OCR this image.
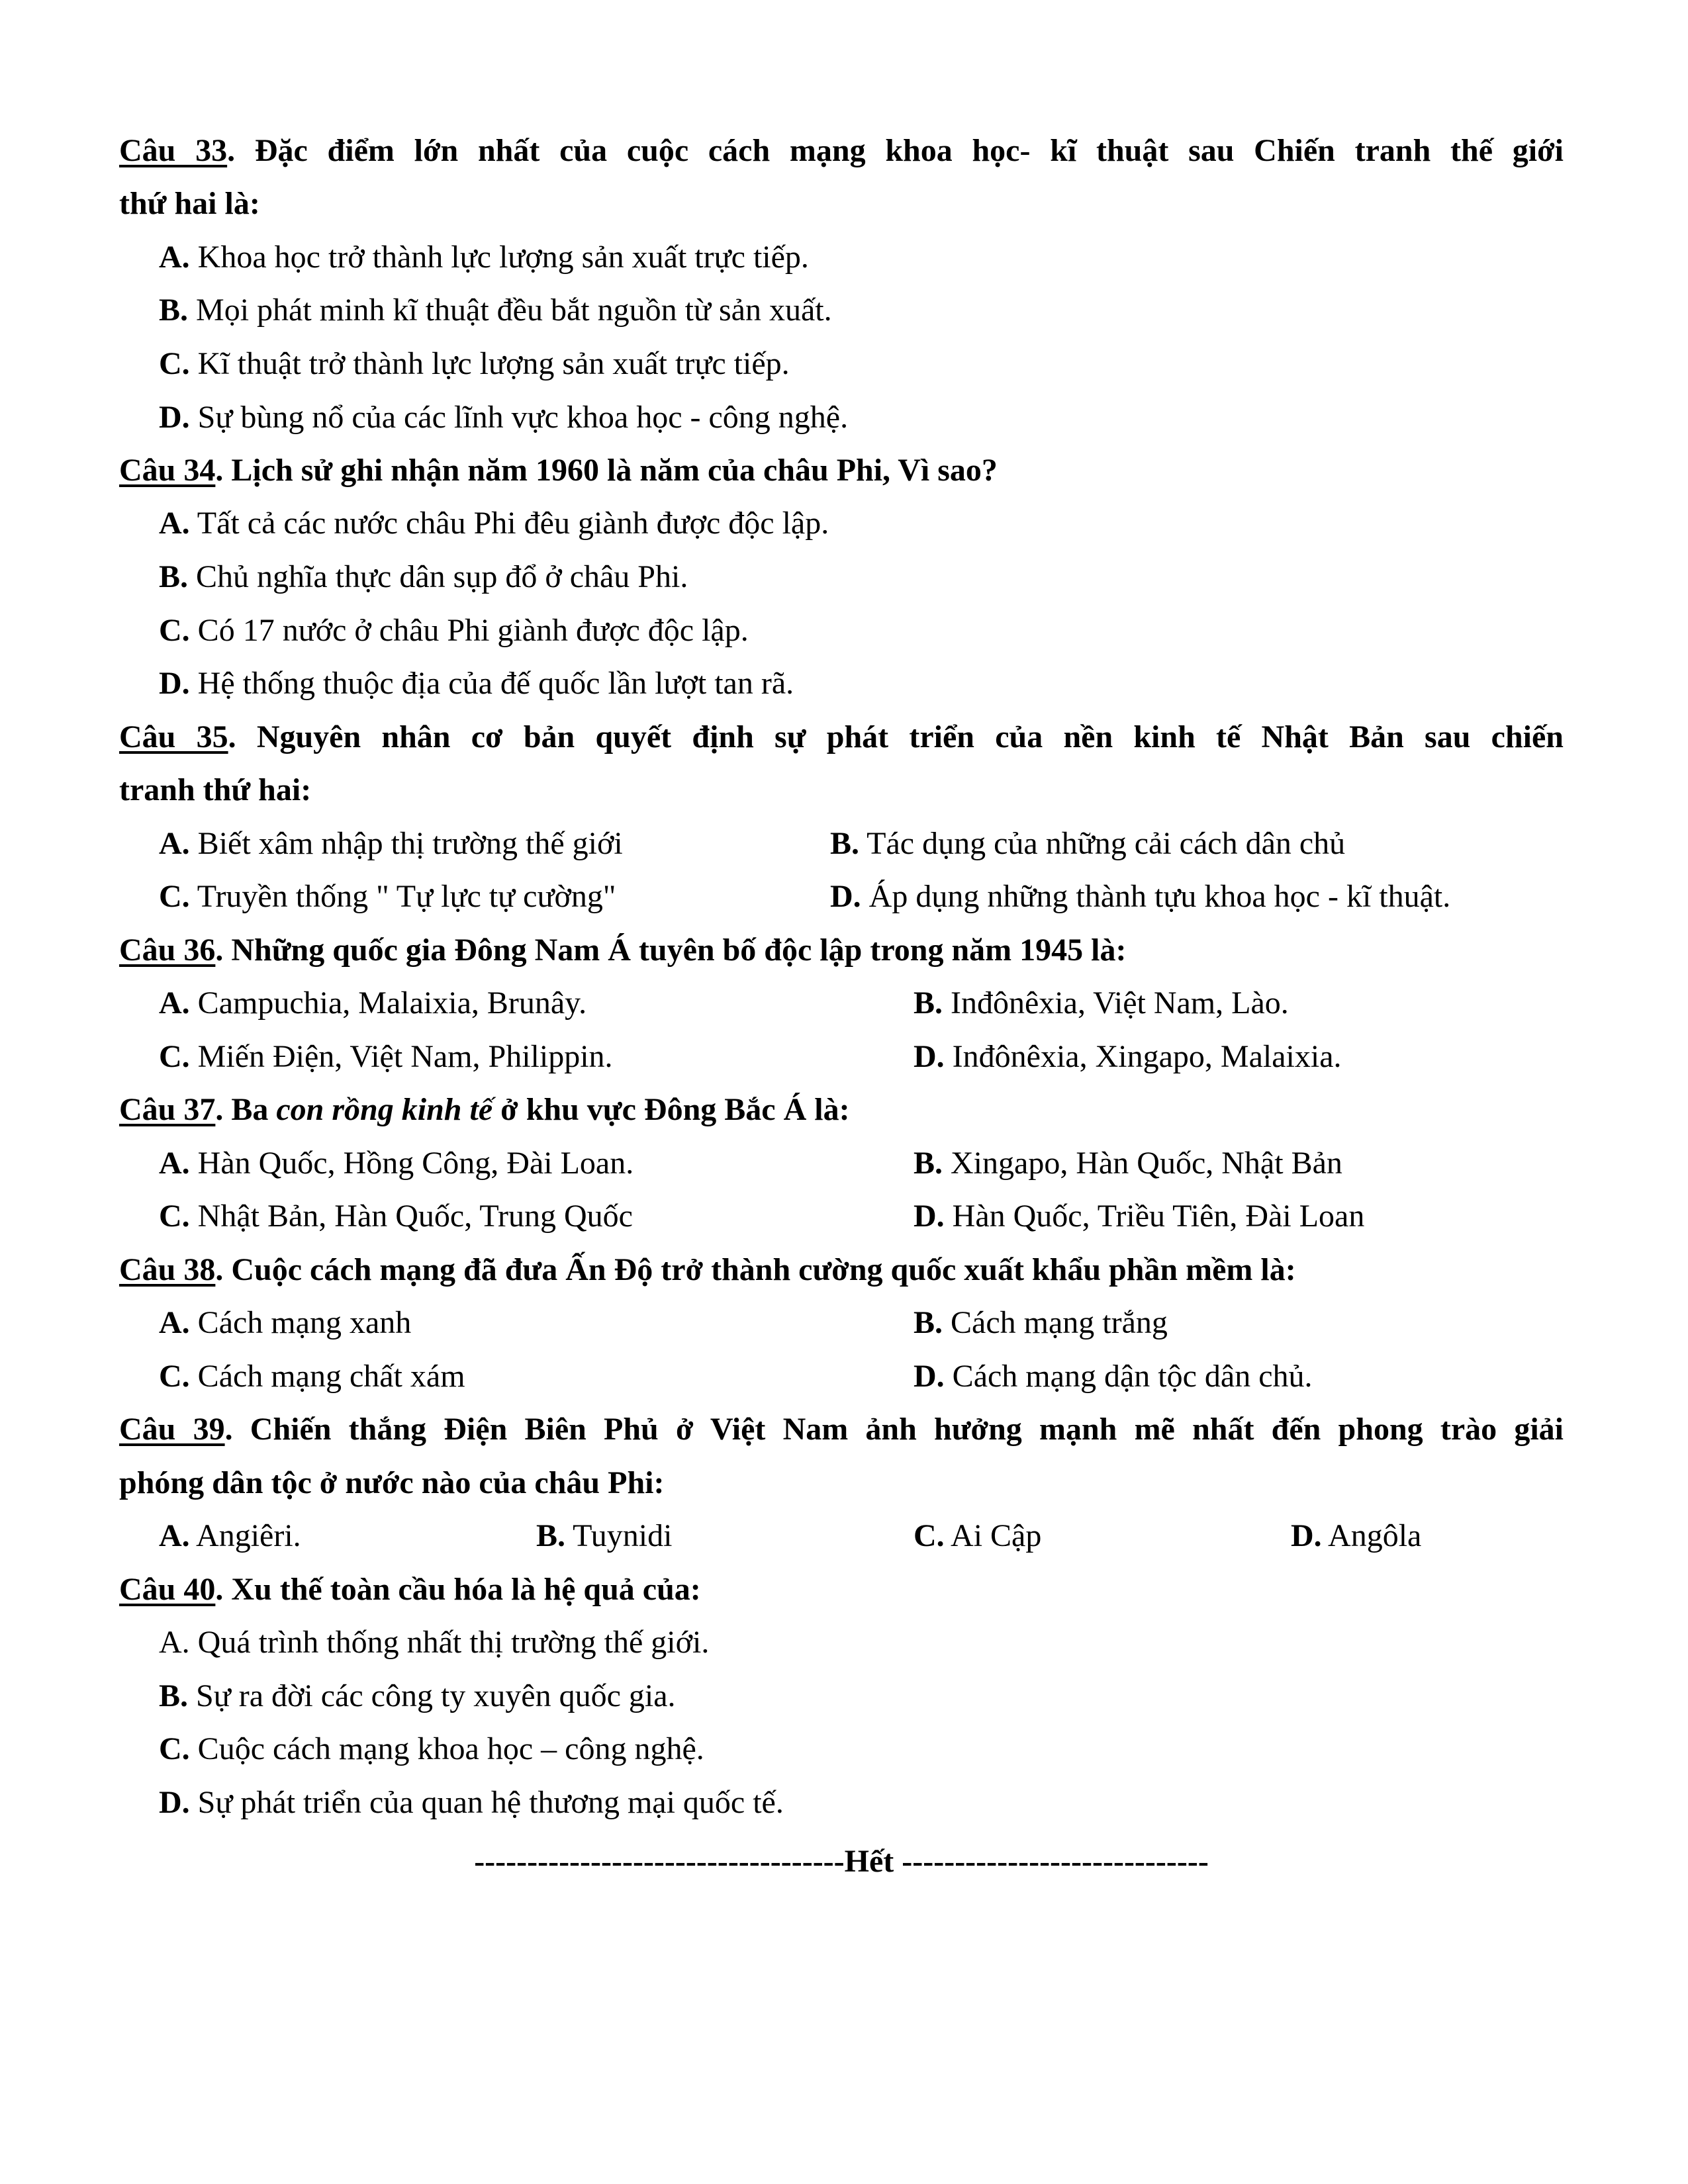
Câu 33. Đặc điểm lớn nhất của cuộc cách mạng khoa học- kĩ thuật sau Chiến tranh thế giới
thứ hai là:
A. Khoa học trở thành lực lượng sản xuất trực tiếp.
B. Mọi phát minh kĩ thuật đều bắt nguồn từ sản xuất.
C. Kĩ thuật trở thành lực lượng sản xuất trực tiếp.
D. Sự bùng nổ của các lĩnh vực khoa học - công nghệ.
Câu 34. Lịch sử ghi nhận năm 1960 là năm của châu Phi, Vì sao?
A. Tất cả các nước châu Phi đêu giành được độc lập.
B. Chủ nghĩa thực dân sụp đổ ở châu Phi.
C. Có 17 nước ở châu Phi giành được độc lập.
D. Hệ thống thuộc địa của đế quốc lần lượt tan rã.
Câu 35. Nguyên nhân cơ bản quyết định sự phát triển của nền kinh tế Nhật Bản sau chiến
tranh thứ hai:
A. Biết xâm nhập thị trường thế giới	B. Tác dụng của những cải cách dân chủ
C. Truyền thống " Tự lực tự cường"	D. Áp dụng những thành tựu khoa học - kĩ thuật.
Câu 36. Những quốc gia Đông Nam Á tuyên bố độc lập trong năm 1945 là:
A. Campuchia, Malaixia, Brunây.	B. Inđônêxia, Việt Nam, Lào.
C. Miến Điện, Việt Nam, Philippin.	D. Inđônêxia, Xingapo, Malaixia.
Câu 37. Ba con rồng kinh tế ở khu vực Đông Bắc Á là:
A. Hàn Quốc, Hồng Công, Đài Loan.	B. Xingapo, Hàn Quốc, Nhật Bản
C. Nhật Bản, Hàn Quốc, Trung Quốc	D. Hàn Quốc, Triều Tiên, Đài Loan
Câu 38. Cuộc cách mạng đã đưa Ấn Độ trở thành cường quốc xuất khẩu phần mềm là:
A. Cách mạng xanh	B. Cách mạng trắng
C. Cách mạng chất xám	D. Cách mạng dận tộc dân chủ.
Câu 39. Chiến thắng Điện Biên Phủ ở Việt Nam ảnh hưởng mạnh mẽ nhất đến phong trào giải
phóng dân tộc ở nước nào của châu Phi:
A. Angiêri.	B. Tuynidi	C. Ai Cập	D. Angôla
Câu 40. Xu thế toàn cầu hóa là hệ quả của:
A. Quá trình thống nhất thị trường thế giới.
B. Sự ra đời các công ty xuyên quốc gia.
C. Cuộc cách mạng khoa học – công nghệ.
D. Sự phát triển của quan hệ thương mại quốc tế.
-----------------------------------Hết -----------------------------
